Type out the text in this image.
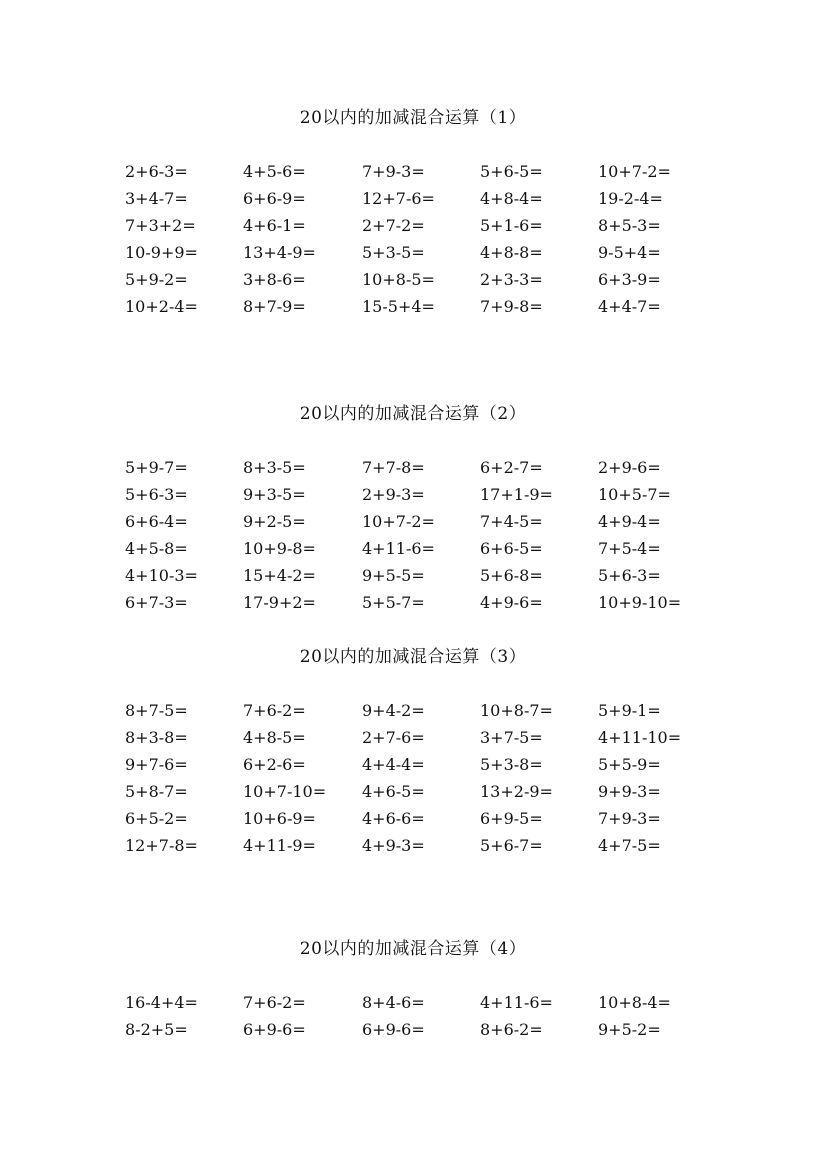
20以内的加减混合运算（1）
2+6-3=	4+5-6=	7+9-3=	5+6-5=	10+7-2=
3+4-7=	6+6-9=	12+7-6=	4+8-4=	19-2-4=
7+3+2=	4+6-1=	2+7-2=	5+1-6=	8+5-3=
10-9+9=	13+4-9=	5+3-5=	4+8-8=	9-5+4=
5+9-2=	3+8-6=	10+8-5=	2+3-3=	6+3-9=
10+2-4=	8+7-9=	15-5+4=	7+9-8=	4+4-7=
20以内的加减混合运算（2）
5+9-7=	8+3-5=	7+7-8=	6+2-7=	2+9-6=
5+6-3=	9+3-5=	2+9-3=	17+1-9=	10+5-7=
6+6-4=	9+2-5=	10+7-2=	7+4-5=	4+9-4=
4+5-8=	10+9-8=	4+11-6=	6+6-5=	7+5-4=
4+10-3=	15+4-2=	9+5-5=	5+6-8=	5+6-3=
6+7-3=	17-9+2=	5+5-7=	4+9-6=	10+9-10=
20以内的加减混合运算（3）
8+7-5=	7+6-2=	9+4-2=	10+8-7=	5+9-1=
8+3-8=	4+8-5=	2+7-6=	3+7-5=	4+11-10=
9+7-6=	6+2-6=	4+4-4=	5+3-8=	5+5-9=
5+8-7=	10+7-10= 4+6-5=	13+2-9=	9+9-3=
6+5-2=	10+6-9=	4+6-6=	6+9-5=	7+9-3=
12+7-8=	4+11-9=	4+9-3=	5+6-7=	4+7-5=
20以内的加减混合运算（4）
16-4+4=	7+6-2=	8+4-6=	4+11-6=	10+8-4=
8-2+5=	6+9-6=	6+9-6=	8+6-2=	9+5-2=
